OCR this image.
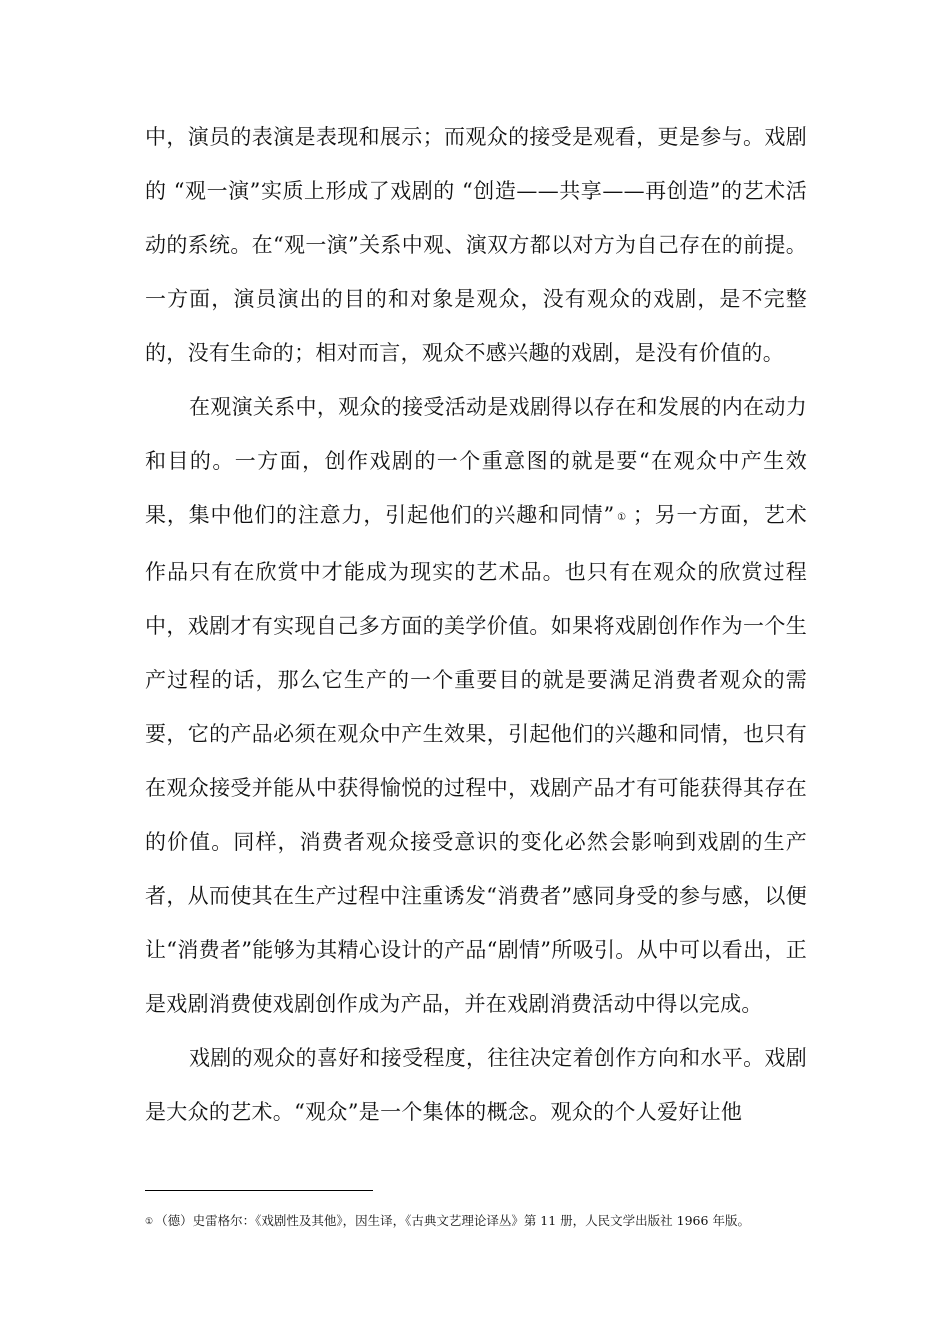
中，演员的表演是表现和展示；而观众的接受是观看，更是参与。戏剧的 “观一演”实质上形成了戏剧的 “创造——共享——再创造”的艺术活动的系统。在“观一演”关系中观、演双方都以对方为自己存在的前提。一方面，演员演出的目的和对象是观众，没有观众的戏剧，是不完整的，没有生命的；相对而言，观众不感兴趣的戏剧，是没有价值的。

在观演关系中，观众的接受活动是戏剧得以存在和发展的内在动力和目的。一方面，创作戏剧的一个重意图的就是要“在观众中产生效果，集中他们的注意力，引起他们的兴趣和同情” ① ；另一方面，艺术作品只有在欣赏中才能成为现实的艺术品。也只有在观众的欣赏过程中，戏剧才有实现自己多方面的美学价值。如果将戏剧创作作为一个生产过程的话，那么它生产的一个重要目的就是要满足消费者观众的需要，它的产品必须在观众中产生效果，引起他们的兴趣和同情，也只有在观众接受并能从中获得愉悦的过程中，戏剧产品才有可能获得其存在的价值。同样，消费者观众接受意识的变化必然会影响到戏剧的生产者，从而使其在生产过程中注重诱发“消费者”感同身受的参与感，以便让“消费者”能够为其精心设计的产品“剧情”所吸引。从中可以看出，正是戏剧消费使戏剧创作成为产品，并在戏剧消费活动中得以完成。

戏剧的观众的喜好和接受程度，往往决定着创作方向和水平。戏剧是大众的艺术。“观众”是一个集体的概念。观众的个人爱好让他

① （德）史雷格尔：《戏剧性及其他》，因生译，《古典文艺理论译丛》第 11 册，人民文学出版社 1966 年版。
